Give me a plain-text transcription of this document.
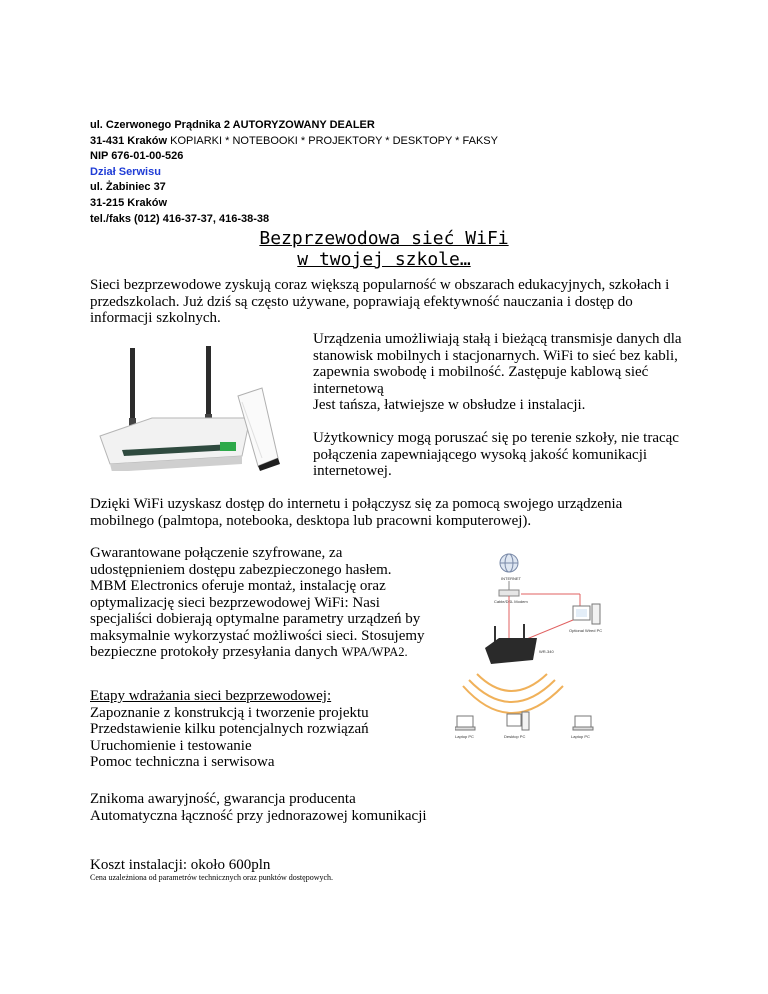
ul. Czerwonego Prądnika 2 AUTORYZOWANY DEALER
31-431 Kraków KOPIARKI * NOTEBOOKI * PROJEKTORY * DESKTOPY * FAKSY
NIP 676-01-00-526
Dział Serwisu
ul. Żabiniec 37
31-215 Kraków
tel./faks (012) 416-37-37, 416-38-38
Bezprzewodowa sieć WiFi
w twojej szkole…
Sieci bezprzewodowe zyskują coraz większą popularność w obszarach edukacyjnych, szkołach i przedszkolach. Już dziś są często używane, poprawiają efektywność nauczania i dostęp do informacji szkolnych.
Urządzenia umożliwiają stałą i bieżącą transmisje danych dla stanowisk mobilnych i stacjonarnych. WiFi to sieć bez kabli, zapewnia swobodę i mobilność. Zastępuje kablową sieć internetową
Jest tańsza, łatwiejsze w obsłudze i instalacji.
Użytkownicy mogą poruszać się po terenie szkoły, nie tracąc połączenia zapewniającego wysoką jakość komunikacji internetowej.
Dzięki WiFi uzyskasz dostęp do internetu i połączysz się za pomocą swojego urządzenia mobilnego (palmtopa, notebooka, desktopa lub pracowni komputerowej).
Gwarantowane połączenie szyfrowane, za udostępnieniem dostępu zabezpieczonego hasłem. MBM Electronics oferuje montaż, instalację oraz optymalizację sieci bezprzewodowej WiFi: Nasi specjaliści dobierają optymalne parametry urządzeń by maksymalnie wykorzystać możliwości sieci. Stosujemy bezpieczne protokoły przesyłania danych WPA/WPA2.
INTERNET
Cable/DSL Modem
Optional Wired PC
WR-340
Laptop PC	Desktop PC	Laptop PC
Etapy wdrażania sieci bezprzewodowej:
Zapoznanie z konstrukcją i tworzenie projektu
Przedstawienie kilku potencjalnych rozwiązań
Uruchomienie i testowanie
Pomoc techniczna i serwisowa
Znikoma awaryjność, gwarancja producenta
Automatyczna łączność przy jednorazowej komunikacji
Koszt instalacji: około 600pln
Cena uzależniona od parametrów technicznych oraz punktów dostępowych.
